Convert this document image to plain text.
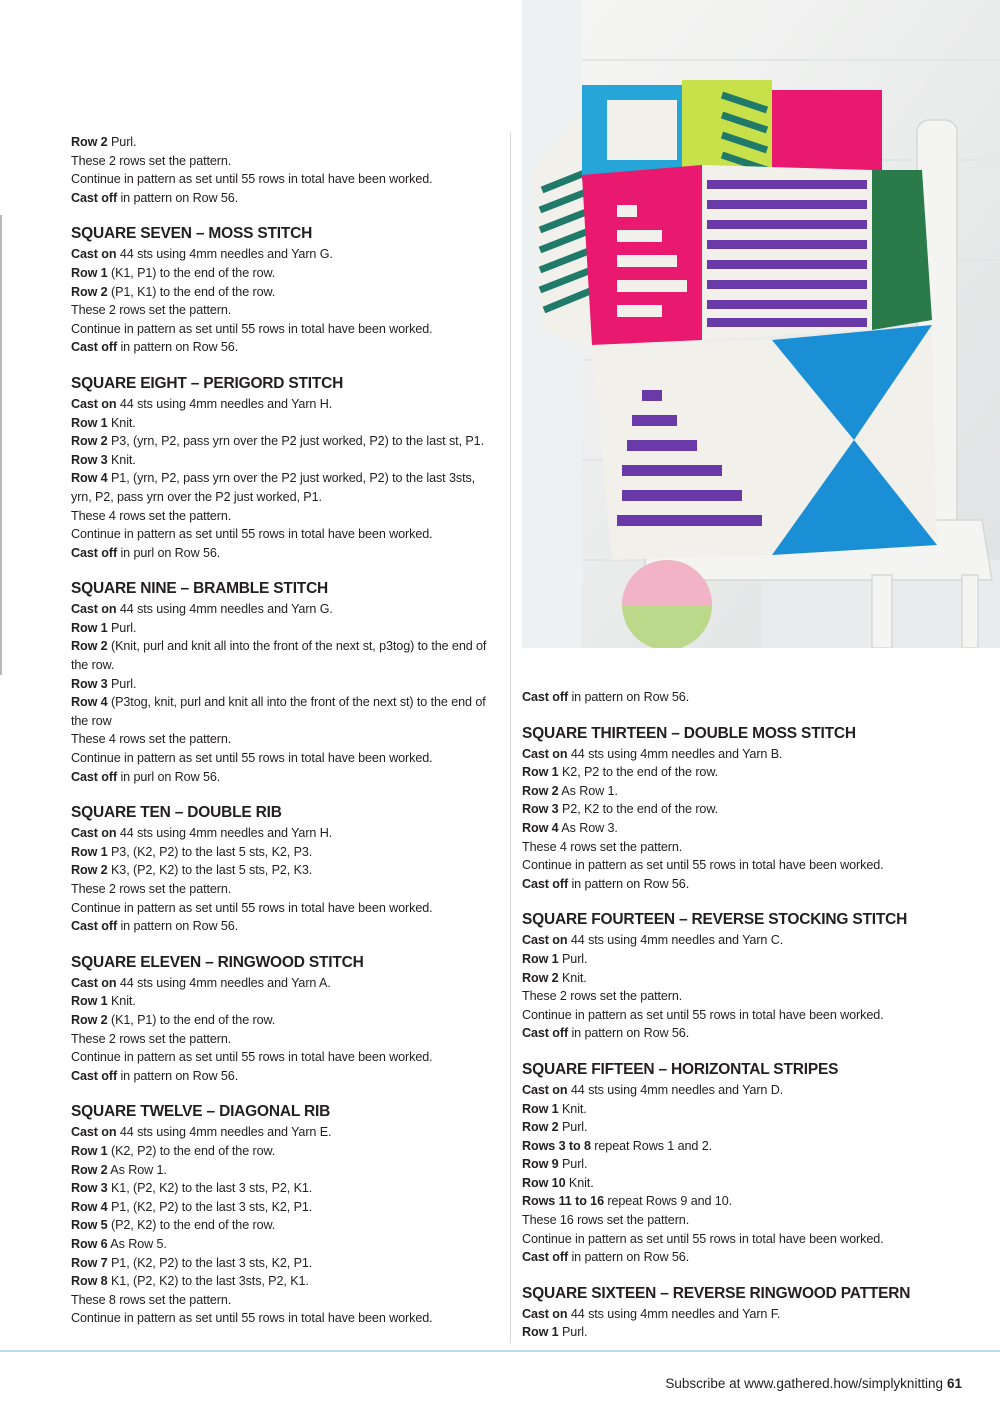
Row 2 Purl.

These 2 rows set the pattern.

Continue in pattern as set until 55 rows in total have been worked.

Cast off in pattern on Row 56.

SQUARE SEVEN – MOSS STITCH

Cast on 44 sts using 4mm needles and Yarn G.

Row 1 (K1, P1) to the end of the row.

Row 2 (P1, K1) to the end of the row.

These 2 rows set the pattern.

Continue in pattern as set until 55 rows in total have been worked.

Cast off in pattern on Row 56.

SQUARE EIGHT – PERIGORD STITCH

Cast on 44 sts using 4mm needles and Yarn H.

Row 1 Knit.

Row 2 P3, (yrn, P2, pass yrn over the P2 just worked, P2) to the last st, P1.

Row 3 Knit.

Row 4 P1, (yrn, P2, pass yrn over the P2 just worked, P2) to the last 3sts, yrn, P2, pass yrn over the P2 just worked, P1.

These 4 rows set the pattern.

Continue in pattern as set until 55 rows in total have been worked.

Cast off in purl on Row 56.

SQUARE NINE – BRAMBLE STITCH

Cast on 44 sts using 4mm needles and Yarn G.

Row 1 Purl.

Row 2 (Knit, purl and knit all into the front of the next st, p3tog) to the end of the row.

Row 3 Purl.

Row 4 (P3tog, knit, purl and knit all into the front of the next st) to the end of the row

These 4 rows set the pattern.

Continue in pattern as set until 55 rows in total have been worked.

Cast off in purl on Row 56.

SQUARE TEN – DOUBLE RIB

Cast on 44 sts using 4mm needles and Yarn H.

Row 1 P3, (K2, P2) to the last 5 sts, K2, P3.

Row 2 K3, (P2, K2) to the last 5 sts, P2, K3.

These 2 rows set the pattern.

Continue in pattern as set until 55 rows in total have been worked.

Cast off in pattern on Row 56.

SQUARE ELEVEN – RINGWOOD STITCH

Cast on 44 sts using 4mm needles and Yarn A.

Row 1 Knit.

Row 2 (K1, P1) to the end of the row.

These 2 rows set the pattern.

Continue in pattern as set until 55 rows in total have been worked.

Cast off in pattern on Row 56.

SQUARE TWELVE – DIAGONAL RIB

Cast on 44 sts using 4mm needles and Yarn E.

Row 1 (K2, P2) to the end of the row.

Row 2 As Row 1.

Row 3 K1, (P2, K2) to the last 3 sts, P2, K1.

Row 4 P1, (K2, P2) to the last 3 sts, K2, P1.

Row 5 (P2, K2) to the end of the row.

Row 6 As Row 5.

Row 7 P1, (K2, P2) to the last 3 sts, K2, P1.

Row 8 K1, (P2, K2) to the last 3sts, P2, K1.

These 8 rows set the pattern.

Continue in pattern as set until 55 rows in total have been worked.

Cast off in pattern on Row 56.

SQUARE THIRTEEN – DOUBLE MOSS STITCH

Cast on 44 sts using 4mm needles and Yarn B.

Row 1 K2, P2 to the end of the row.

Row 2 As Row 1.

Row 3 P2, K2 to the end of the row.

Row 4 As Row 3.

These 4 rows set the pattern.

Continue in pattern as set until 55 rows in total have been worked.

Cast off in pattern on Row 56.

SQUARE FOURTEEN – REVERSE STOCKING STITCH

Cast on 44 sts using 4mm needles and Yarn C.

Row 1 Purl.

Row 2 Knit.

These 2 rows set the pattern.

Continue in pattern as set until 55 rows in total have been worked.

Cast off in pattern on Row 56.

SQUARE FIFTEEN – HORIZONTAL STRIPES

Cast on 44 sts using 4mm needles and Yarn D.

Row 1 Knit.

Row 2 Purl.

Rows 3 to 8 repeat Rows 1 and 2.

Row 9 Purl.

Row 10 Knit.

Rows 11 to 16 repeat Rows 9 and 10.

These 16 rows set the pattern.

Continue in pattern as set until 55 rows in total have been worked.

Cast off in pattern on Row 56.

SQUARE SIXTEEN – REVERSE RINGWOOD PATTERN

Cast on 44 sts using 4mm needles and Yarn F.

Row 1 Purl.

Subscribe at www.gathered.how/simplyknitting 61
